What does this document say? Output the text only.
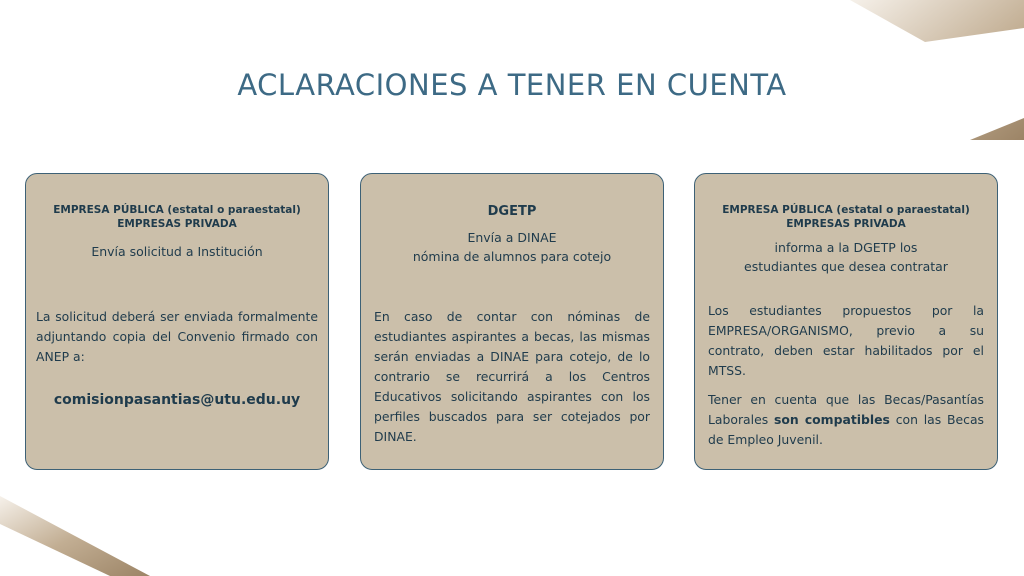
ACLARACIONES A TENER EN CUENTA
EMPRESA PÚBLICA (estatal o paraestatal)
EMPRESAS PRIVADA
Envía solicitud a Institución

La solicitud deberá ser enviada formalmente adjuntando copia del Convenio firmado con ANEP a:

comisionpasantias@utu.edu.uy
DGETP
Envía a DINAE
nómina de alumnos para cotejo

En caso de contar con nóminas de estudiantes aspirantes a becas, las mismas serán enviadas a DINAE para cotejo, de lo contrario se recurrirá a los Centros Educativos solicitando aspirantes con los perfiles buscados para ser cotejados por DINAE.

EMPRESA PÚBLICA (estatal o paraestatal)
EMPRESAS PRIVADA
informa a la DGETP los
estudiantes que desea contratar

Los estudiantes propuestos por la EMPRESA/ORGANISMO, previo a su contrato, deben estar habilitados por el MTSS.

Tener en cuenta que las Becas/Pasantías Laborales son compatibles con las Becas de Empleo Juvenil.
